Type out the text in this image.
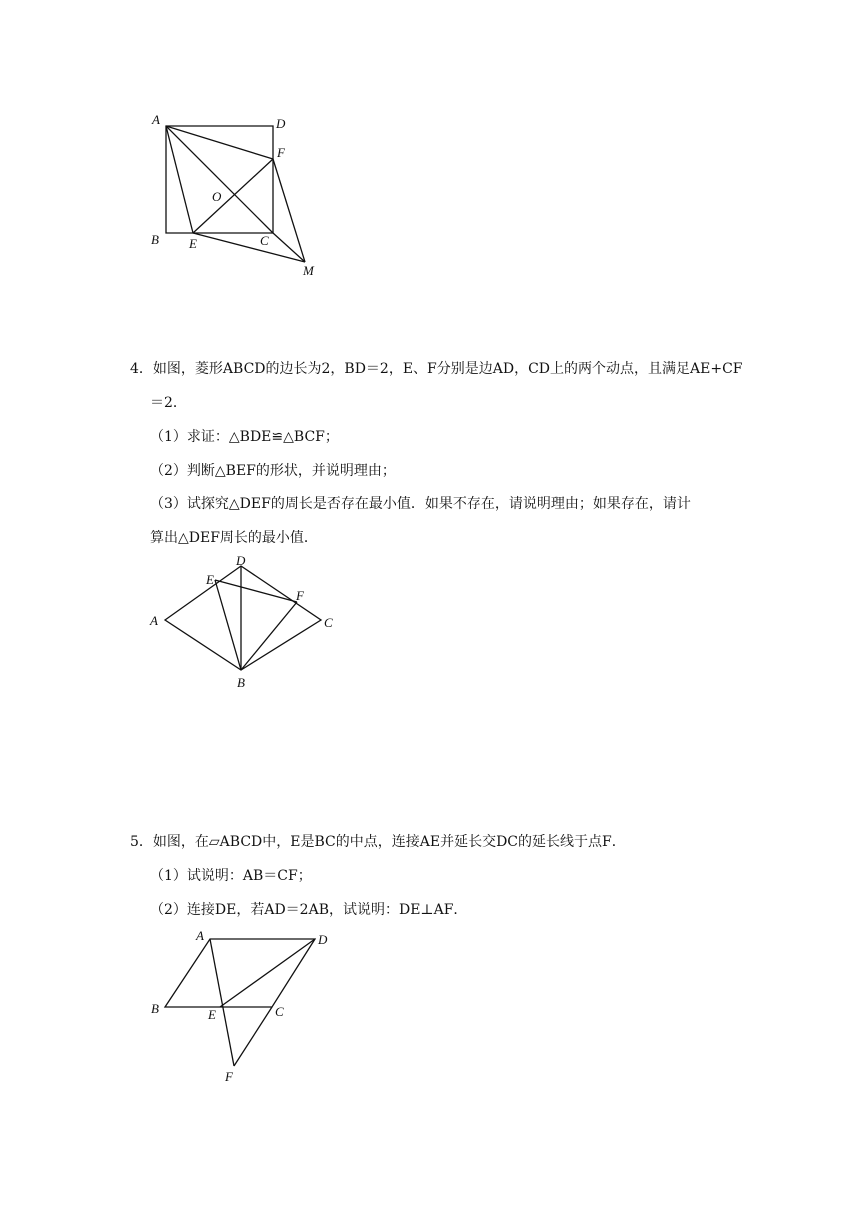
A	D
F
O
B E	C
M
4．如图，菱形ABCD的边长为2，BD＝2，E、F分别是边AD，CD上的两个动点，且满足AE+CF
＝2．
（1）求证：△BDE≌△BCF；
（2）判断△BEF的形状，并说明理由；
（3）试探究△DEF的周长是否存在最小值．如果不存在，请说明理由；如果存在，请计
算出△DEF周长的最小值．
E
D
F
A	C
B
5．如图，在▱ABCD中，E是BC的中点，连接AE并延长交DC的延长线于点F．
（1）试说明：AB＝CF；
（2）连接DE，若AD＝2AB，试说明：DE⊥AF．
A	D
B	E	C
F
